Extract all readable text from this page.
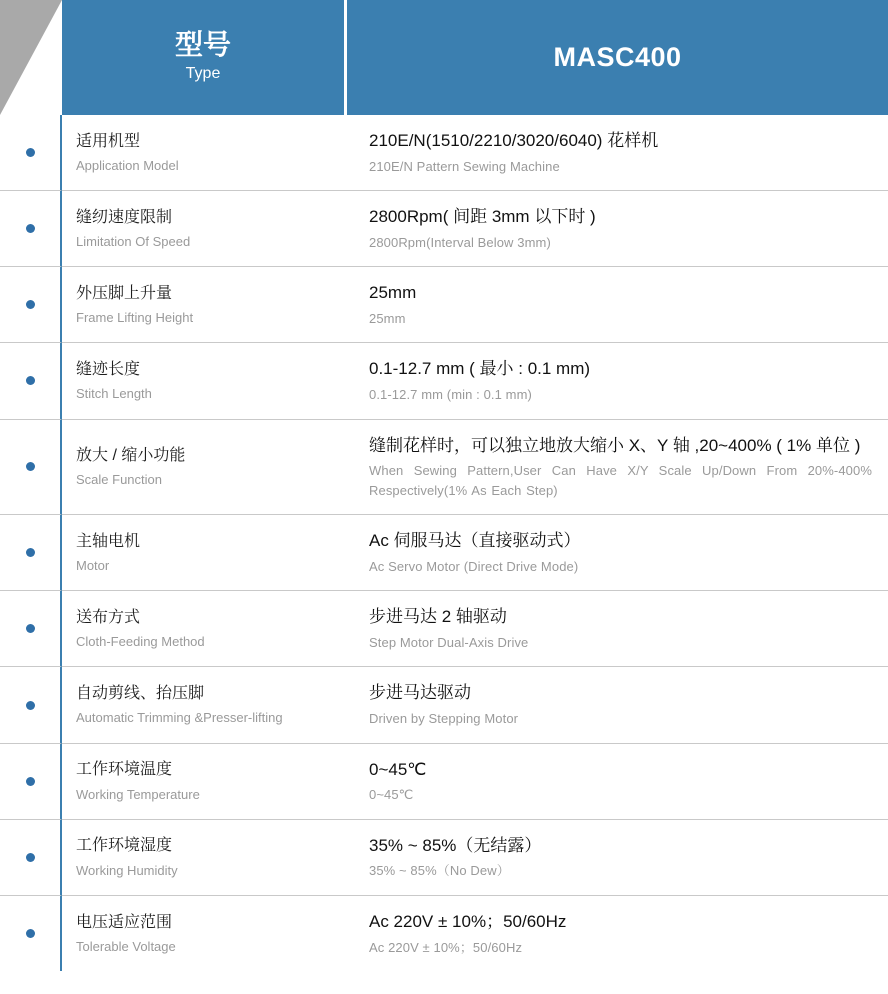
型号
Type
MASC400
适用机型
Application Model
210E/N(1510/2210/3020/6040) 花样机
210E/N Pattern Sewing Machine
缝纫速度限制
Limitation Of Speed
2800Rpm( 间距 3mm 以下时 )
2800Rpm(Interval Below 3mm)
外压脚上升量
Frame Lifting Height
25mm
25mm
缝迹长度
Stitch Length
0.1-12.7 mm ( 最小 : 0.1 mm)
0.1-12.7 mm (min : 0.1 mm)
放大 / 缩小功能
Scale Function
缝制花样时，可以独立地放大缩小 X、Y 轴 ,20~400% ( 1% 单位 )
When Sewing Pattern,User Can Have X/Y Scale Up/Down From 20%-400% Respectively(1% As Each Step)
主轴电机
Motor
Ac 伺服马达（直接驱动式）
Ac Servo Motor (Direct Drive Mode)
送布方式
Cloth-Feeding Method
步进马达 2 轴驱动
Step Motor Dual-Axis Drive
自动剪线、抬压脚
Automatic Trimming &Presser-lifting
步进马达驱动
Driven by Stepping Motor
工作环境温度
Working Temperature
0~45℃
0~45℃
工作环境湿度
Working Humidity
35% ~ 85%（无结露）
35% ~ 85%（No Dew）
电压适应范围
Tolerable Voltage
Ac 220V ± 10%；50/60Hz
Ac 220V ± 10%；50/60Hz
